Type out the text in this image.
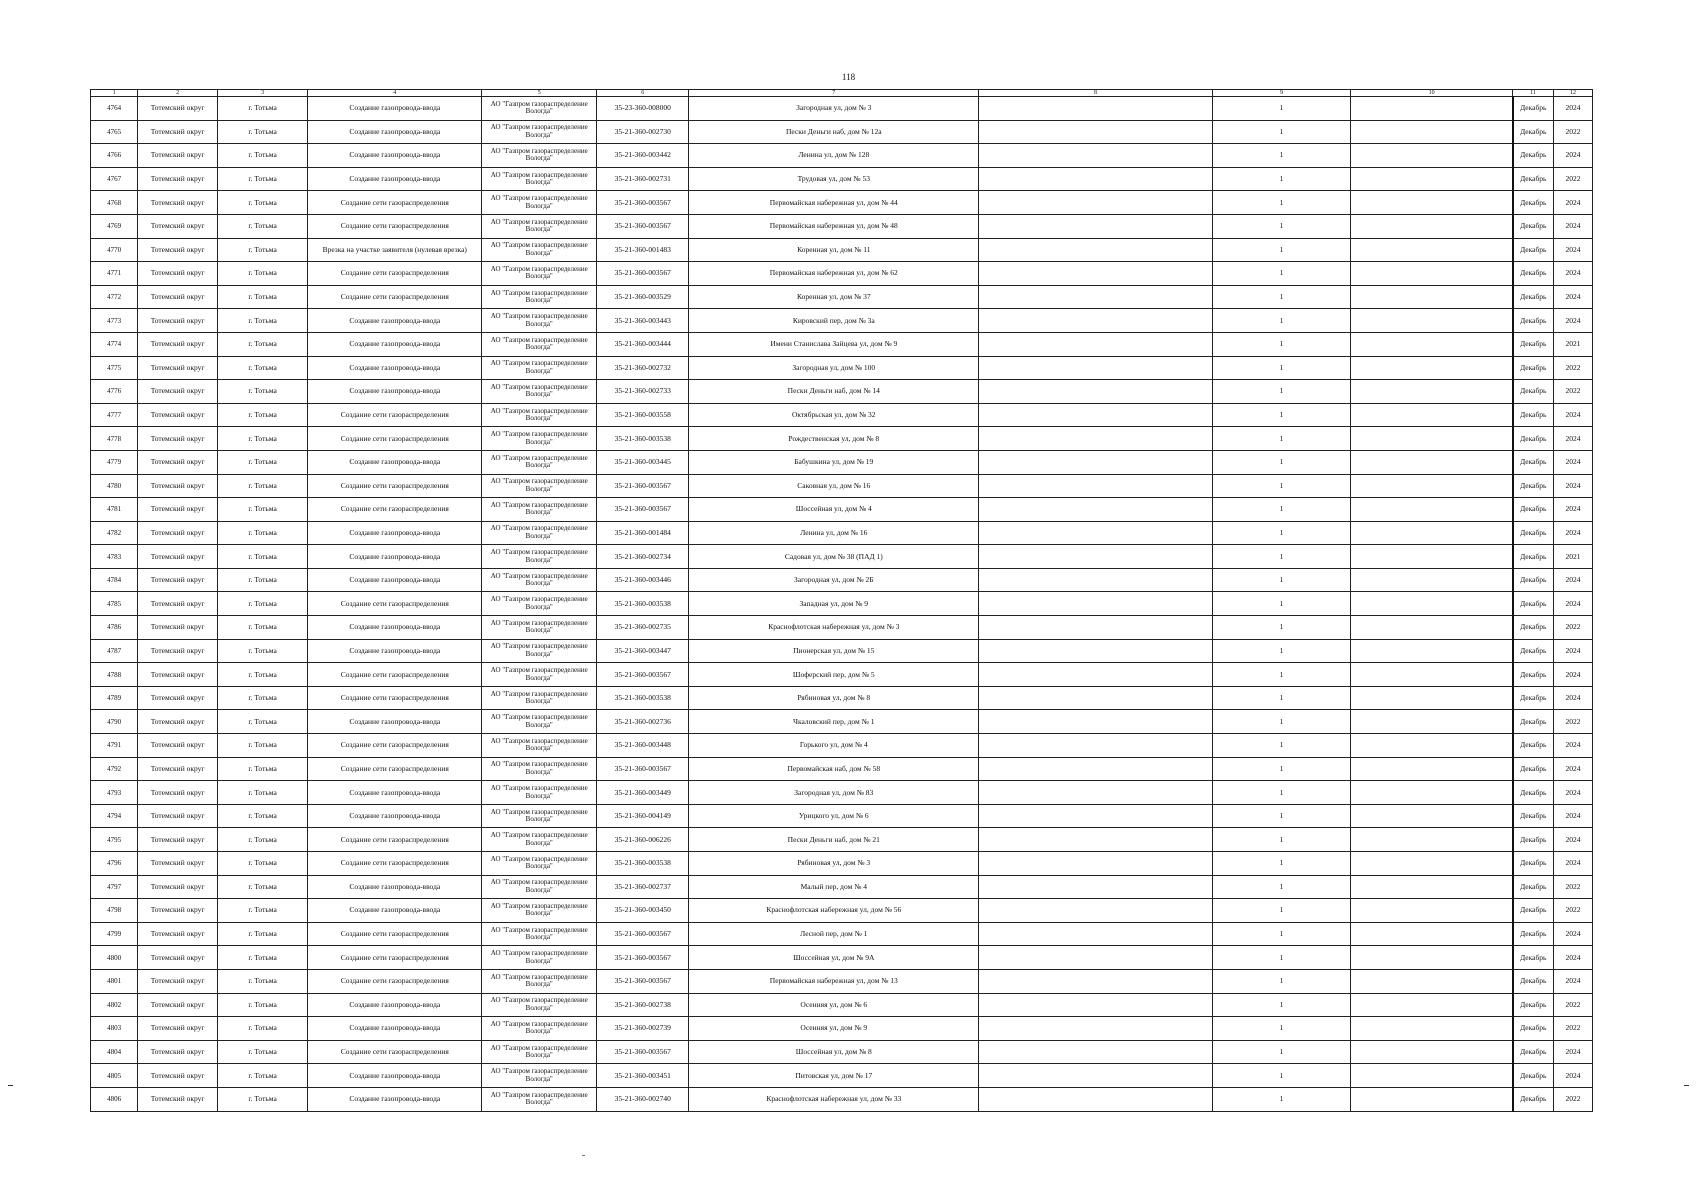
118
1	2	3	4	5	6	7	8	9	10	11	12
4764	Тотемский округ	г. Тотьма	Создание газопровода-ввода	АО "Газпром газораспределение Вологда"	35-23-360-008000	Загородная ул, дом № 3		1		Декабрь	2024
4765	Тотемский округ	г. Тотьма	Создание газопровода-ввода	АО "Газпром газораспределение Вологда"	35-21-360-002730	Пески Деньги наб, дом № 12а		1		Декабрь	2022
4766	Тотемский округ	г. Тотьма	Создание газопровода-ввода	АО "Газпром газораспределение Вологда"	35-21-360-003442	Ленина ул, дом № 128		1		Декабрь	2024
4767	Тотемский округ	г. Тотьма	Создание газопровода-ввода	АО "Газпром газораспределение Вологда"	35-21-360-002731	Трудовая ул, дом № 53		1		Декабрь	2022
4768	Тотемский округ	г. Тотьма	Создание сети газораспределения	АО "Газпром газораспределение Вологда"	35-21-360-003567	Первомайская набережная ул, дом № 44		1		Декабрь	2024
4769	Тотемский округ	г. Тотьма	Создание сети газораспределения	АО "Газпром газораспределение Вологда"	35-21-360-003567	Первомайская набережная ул, дом № 48		1		Декабрь	2024
4770	Тотемский округ	г. Тотьма	Врезка на участке заявителя (нулевая врезка)	АО "Газпром газораспределение Вологда"	35-21-360-001483	Коренная ул, дом № 11		1		Декабрь	2024
4771	Тотемский округ	г. Тотьма	Создание сети газораспределения	АО "Газпром газораспределение Вологда"	35-21-360-003567	Первомайская набережная ул, дом № 62		1		Декабрь	2024
4772	Тотемский округ	г. Тотьма	Создание сети газораспределения	АО "Газпром газораспределение Вологда"	35-21-360-003529	Коренная ул, дом № 37		1		Декабрь	2024
4773	Тотемский округ	г. Тотьма	Создание газопровода-ввода	АО "Газпром газораспределение Вологда"	35-21-360-003443	Кировский пер, дом № 3а		1		Декабрь	2024
4774	Тотемский округ	г. Тотьма	Создание газопровода-ввода	АО "Газпром газораспределение Вологда"	35-21-360-003444	Имени Станислава Зайцева ул, дом № 9		1		Декабрь	2021
4775	Тотемский округ	г. Тотьма	Создание газопровода-ввода	АО "Газпром газораспределение Вологда"	35-21-360-002732	Загородная ул, дом № 100		1		Декабрь	2022
4776	Тотемский округ	г. Тотьма	Создание газопровода-ввода	АО "Газпром газораспределение Вологда"	35-21-360-002733	Пески Деньги наб, дом № 14		1		Декабрь	2022
4777	Тотемский округ	г. Тотьма	Создание сети газораспределения	АО "Газпром газораспределение Вологда"	35-21-360-003558	Октябрьская ул, дом № 32		1		Декабрь	2024
4778	Тотемский округ	г. Тотьма	Создание сети газораспределения	АО "Газпром газораспределение Вологда"	35-21-360-003538	Рождественская ул, дом № 8		1		Декабрь	2024
4779	Тотемский округ	г. Тотьма	Создание газопровода-ввода	АО "Газпром газораспределение Вологда"	35-21-360-003445	Бабушкина ул, дом № 19		1		Декабрь	2024
4780	Тотемский округ	г. Тотьма	Создание сети газораспределения	АО "Газпром газораспределение Вологда"	35-21-360-003567	Саковная ул, дом № 16		1		Декабрь	2024
4781	Тотемский округ	г. Тотьма	Создание сети газораспределения	АО "Газпром газораспределение Вологда"	35-21-360-003567	Шоссейная ул, дом № 4		1		Декабрь	2024
4782	Тотемский округ	г. Тотьма	Создание газопровода-ввода	АО "Газпром газораспределение Вологда"	35-21-360-001484	Ленина ул, дом № 16		1		Декабрь	2024
4783	Тотемский округ	г. Тотьма	Создание газопровода-ввода	АО "Газпром газораспределение Вологда"	35-21-360-002734	Садовая ул, дом № 38 (ПАД 1)		1		Декабрь	2021
4784	Тотемский округ	г. Тотьма	Создание газопровода-ввода	АО "Газпром газораспределение Вологда"	35-21-360-003446	Загородная ул, дом № 2Б		1		Декабрь	2024
4785	Тотемский округ	г. Тотьма	Создание сети газораспределения	АО "Газпром газораспределение Вологда"	35-21-360-003538	Западная ул, дом № 9		1		Декабрь	2024
4786	Тотемский округ	г. Тотьма	Создание газопровода-ввода	АО "Газпром газораспределение Вологда"	35-21-360-002735	Краснофлотская набережная ул, дом № 3		1		Декабрь	2022
4787	Тотемский округ	г. Тотьма	Создание газопровода-ввода	АО "Газпром газораспределение Вологда"	35-21-360-003447	Пионерская ул, дом № 15		1		Декабрь	2024
4788	Тотемский округ	г. Тотьма	Создание сети газораспределения	АО "Газпром газораспределение Вологда"	35-21-360-003567	Шоферский пер, дом № 5		1		Декабрь	2024
4789	Тотемский округ	г. Тотьма	Создание сети газораспределения	АО "Газпром газораспределение Вологда"	35-21-360-003538	Рябиновая ул, дом № 8		1		Декабрь	2024
4790	Тотемский округ	г. Тотьма	Создание газопровода-ввода	АО "Газпром газораспределение Вологда"	35-21-360-002736	Чкаловский пер, дом № 1		1		Декабрь	2022
4791	Тотемский округ	г. Тотьма	Создание сети газораспределения	АО "Газпром газораспределение Вологда"	35-21-360-003448	Горького ул, дом № 4		1		Декабрь	2024
4792	Тотемский округ	г. Тотьма	Создание сети газораспределения	АО "Газпром газораспределение Вологда"	35-21-360-003567	Первомайская наб, дом № 58		1		Декабрь	2024
4793	Тотемский округ	г. Тотьма	Создание газопровода-ввода	АО "Газпром газораспределение Вологда"	35-21-360-003449	Загородная ул, дом № 83		1		Декабрь	2024
4794	Тотемский округ	г. Тотьма	Создание газопровода-ввода	АО "Газпром газораспределение Вологда"	35-21-360-004149	Урицкого ул, дом № 6		1		Декабрь	2024
4795	Тотемский округ	г. Тотьма	Создание сети газораспределения	АО "Газпром газораспределение Вологда"	35-21-360-006226	Пески Деньги наб, дом № 21		1		Декабрь	2024
4796	Тотемский округ	г. Тотьма	Создание сети газораспределения	АО "Газпром газораспределение Вологда"	35-21-360-003538	Рябиновая ул, дом № 3		1		Декабрь	2024
4797	Тотемский округ	г. Тотьма	Создание газопровода-ввода	АО "Газпром газораспределение Вологда"	35-21-360-002737	Малый пер, дом № 4		1		Декабрь	2022
4798	Тотемский округ	г. Тотьма	Создание газопровода-ввода	АО "Газпром газораспределение Вологда"	35-21-360-003450	Краснофлотская набережная ул, дом № 56		1		Декабрь	2022
4799	Тотемский округ	г. Тотьма	Создание сети газораспределения	АО "Газпром газораспределение Вологда"	35-21-360-003567	Лесной пер, дом № 1		1		Декабрь	2024
4800	Тотемский округ	г. Тотьма	Создание сети газораспределения	АО "Газпром газораспределение Вологда"	35-21-360-003567	Шоссейная ул, дом № 9А		1		Декабрь	2024
4801	Тотемский округ	г. Тотьма	Создание сети газораспределения	АО "Газпром газораспределение Вологда"	35-21-360-003567	Первомайская набережная ул, дом № 13		1		Декабрь	2024
4802	Тотемский округ	г. Тотьма	Создание газопровода-ввода	АО "Газпром газораспределение Вологда"	35-21-360-002738	Осенняя ул, дом № 6		1		Декабрь	2022
4803	Тотемский округ	г. Тотьма	Создание газопровода-ввода	АО "Газпром газораспределение Вологда"	35-21-360-002739	Осенняя ул, дом № 9		1		Декабрь	2022
4804	Тотемский округ	г. Тотьма	Создание сети газораспределения	АО "Газпром газораспределение Вологда"	35-21-360-003567	Шоссейная ул, дом № 8		1		Декабрь	2024
4805	Тотемский округ	г. Тотьма	Создание газопровода-ввода	АО "Газпром газораспределение Вологда"	35-21-360-003451	Питовская ул, дом № 17		1		Декабрь	2024
4806	Тотемский округ	г. Тотьма	Создание газопровода-ввода	АО "Газпром газораспределение Вологда"	35-21-360-002740	Краснофлотская набережная ул, дом № 33		1		Декабрь	2022
